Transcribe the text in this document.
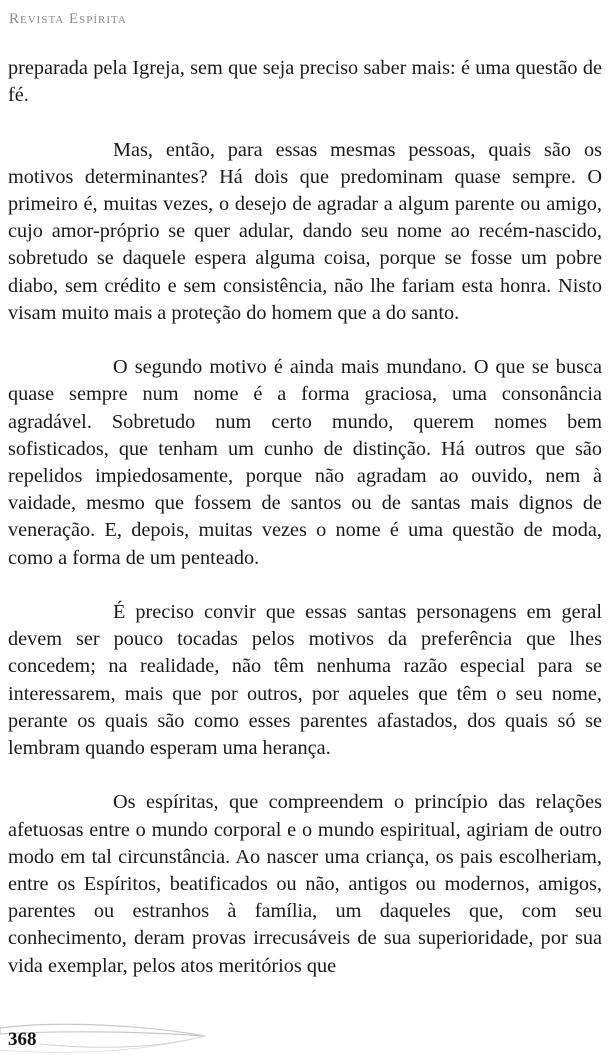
Revista Espírita

preparada pela Igreja, sem que seja preciso saber mais: é uma questão de fé.

Mas, então, para essas mesmas pessoas, quais são os motivos determinantes? Há dois que predominam quase sempre. O primeiro é, muitas vezes, o desejo de agradar a algum parente ou amigo, cujo amor-próprio se quer adular, dando seu nome ao recém-nascido, sobretudo se daquele espera alguma coisa, porque se fosse um pobre diabo, sem crédito e sem consistência, não lhe fariam esta honra. Nisto visam muito mais a proteção do homem que a do santo.

O segundo motivo é ainda mais mundano. O que se busca quase sempre num nome é a forma graciosa, uma consonância agradável. Sobretudo num certo mundo, querem nomes bem sofisticados, que tenham um cunho de distinção. Há outros que são repelidos impiedosamente, porque não agradam ao ouvido, nem à vaidade, mesmo que fossem de santos ou de santas mais dignos de veneração. E, depois, muitas vezes o nome é uma questão de moda, como a forma de um penteado.

É preciso convir que essas santas personagens em geral devem ser pouco tocadas pelos motivos da preferência que lhes concedem; na realidade, não têm nenhuma razão especial para se interessarem, mais que por outros, por aqueles que têm o seu nome, perante os quais são como esses parentes afastados, dos quais só se lembram quando esperam uma herança.

Os espíritas, que compreendem o princípio das relações afetuosas entre o mundo corporal e o mundo espiritual, agiriam de outro modo em tal circunstância. Ao nascer uma criança, os pais escolheriam, entre os Espíritos, beatificados ou não, antigos ou modernos, amigos, parentes ou estranhos à família, um daqueles que, com seu conhecimento, deram provas irrecusáveis de sua superioridade, por sua vida exemplar, pelos atos meritórios que

368
